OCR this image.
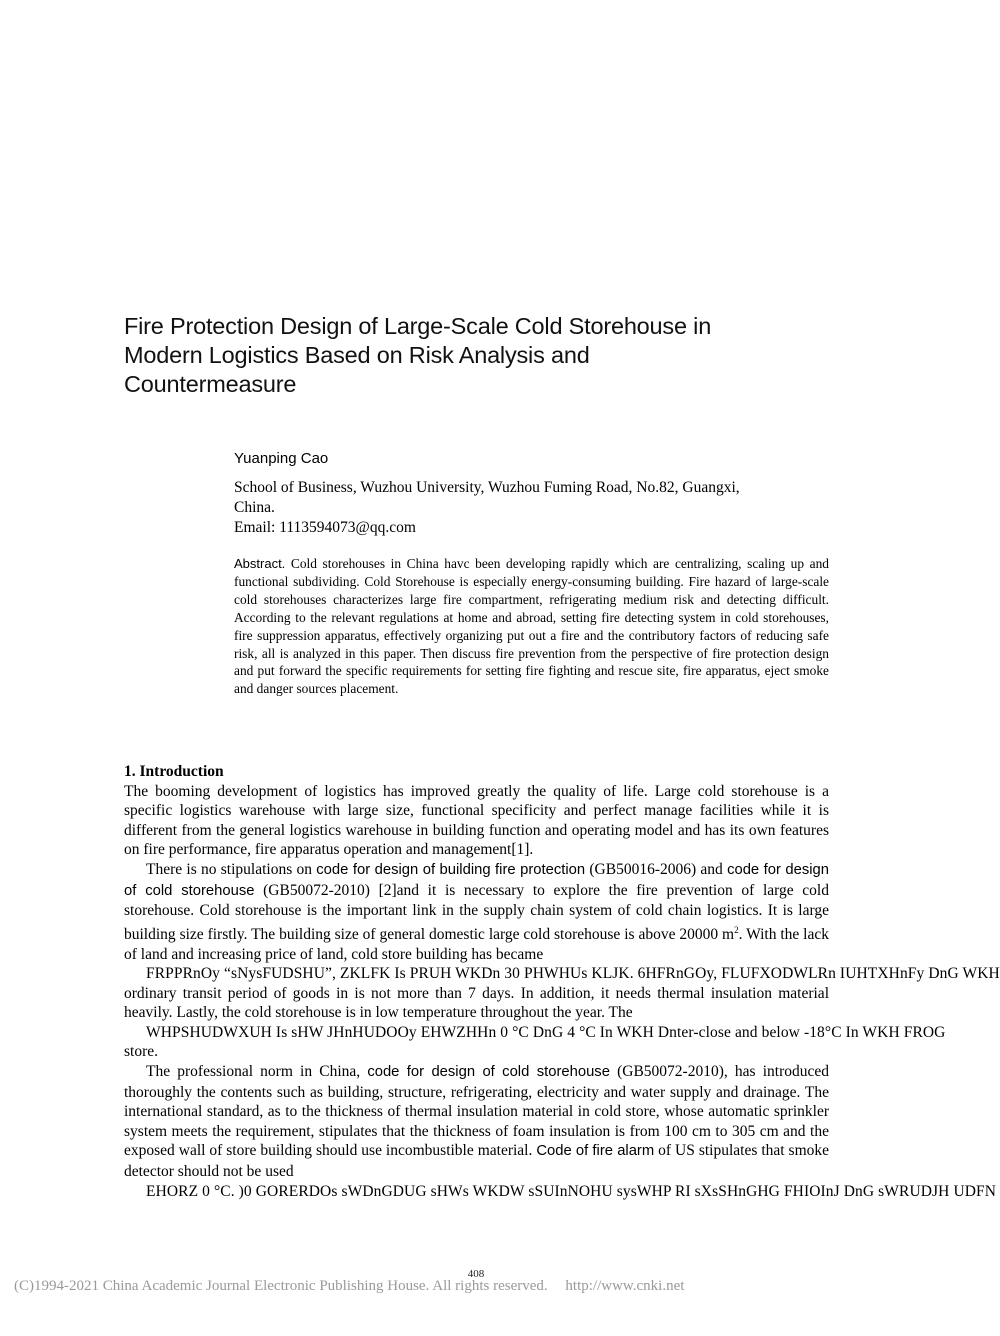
Fire Protection Design of Large-Scale Cold Storehouse in
Modern Logistics Based on Risk Analysis and
Countermeasure
Yuanping Cao
School of Business, Wuzhou University, Wuzhou Fuming Road, No.82, Guangxi,
China.
Email: 1113594073@qq.com
Abstract. Cold storehouses in China havc been developing rapidly which are centralizing, scaling up and functional subdividing. Cold Storehouse is especially energy-consuming building. Fire hazard of large-scale cold storehouses characterizes large fire compartment, refrigerating medium risk and detecting difficult. According to the relevant regulations at home and abroad, setting fire detecting system in cold storehouses, fire suppression apparatus, effectively organizing put out a fire and the contributory factors of reducing safe risk, all is analyzed in this paper. Then discuss fire prevention from the perspective of fire protection design and put forward the specific requirements for setting fire fighting and rescue site, fire apparatus, eject smoke and danger sources placement.
1. Introduction

The booming development of logistics has improved greatly the quality of life. Large cold storehouse is a specific logistics warehouse with large size, functional specificity and perfect manage facilities while it is different from the general logistics warehouse in building function and operating model and has its own features on fire performance, fire apparatus operation and management[1].

There is no stipulations on code for design of building fire protection (GB50016-2006) and code for design of cold storehouse (GB50072-2010) [2]and it is necessary to explore the fire prevention of large cold storehouse. Cold storehouse is the important link in the supply chain system of cold chain logistics. It is large building size firstly. The building size of general domestic large cold storehouse is above 20000 $m^2$. With the lack of land and increasing price of land, cold store building has became
FRPPRnOy “sNysFUDSHU”, ZKLFK Is PRUH WKDn 30 PHWHUs KLJK. 6HFRnGOy, FLUFXODWLRn IUHTXHnFy DnG WKH
ordinary transit period of goods in is not more than 7 days. In addition, it needs thermal insulation material heavily. Lastly, the cold storehouse is in low temperature throughout the year. The
WHPSHUDWXUH Is sHW JHnHUDOOy EHWZHHn 0 °C DnG 4 °C In WKH Dnter-close and below -18°C In WKH FROG
store.

The professional norm in China, code for design of cold storehouse (GB50072-2010), has introduced thoroughly the contents such as building, structure, refrigerating, electricity and water supply and drainage. The international standard, as to the thickness of thermal insulation material in cold store, whose automatic sprinkler system meets the requirement, stipulates that the thickness of foam insulation is from 100 cm to 305 cm and the exposed wall of store building should use incombustible material. Code of fire alarm of US stipulates that smoke detector should not be used
EHORZ 0 °C. )0 GORERDOs sWDnGDUG sHWs WKDW sSUInNOHU sysWHP RI sXsSHnGHG FHIOInJ DnG sWRUDJH UDFN

408
(C)1994-2021 China Academic Journal Electronic Publishing House. All rights reserved. http://www.cnki.net
